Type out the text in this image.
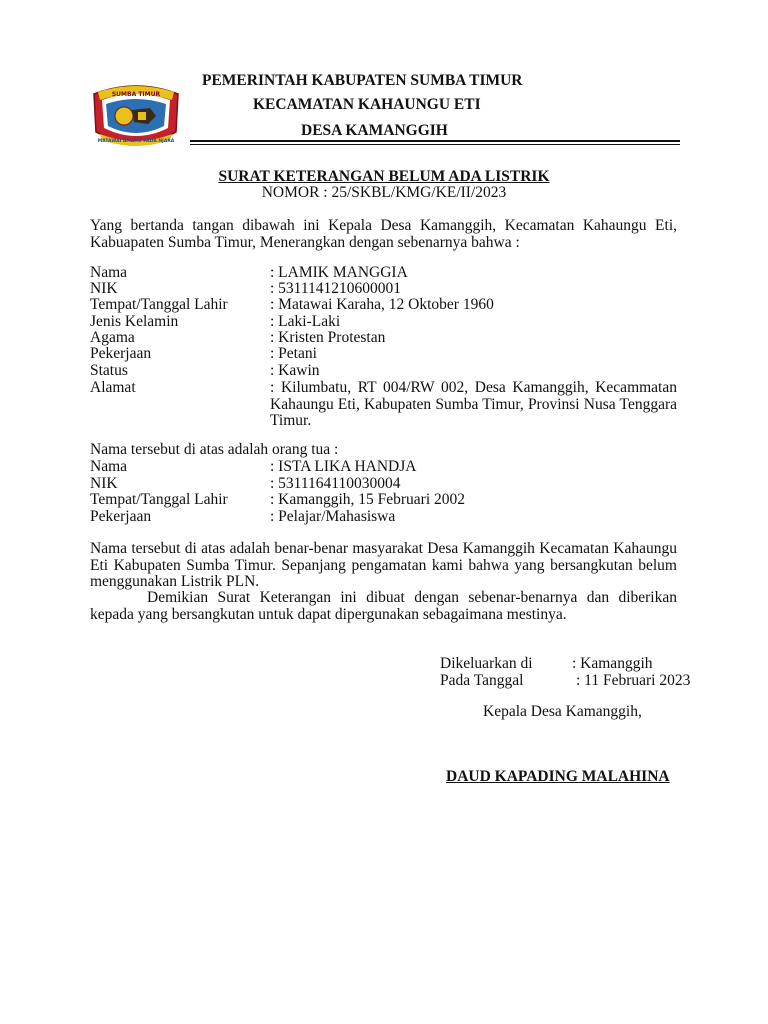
SUMBA TIMUR
MATAWAI AMAHU PADA NJARA
PEMERINTAH KABUPATEN SUMBA TIMUR
KECAMATAN KAHAUNGU ETI
DESA KAMANGGIH
SURAT KETERANGAN BELUM ADA LISTRIK
NOMOR : 25/SKBL/KMG/KE/II/2023
Yang bertanda tangan dibawah ini Kepala Desa Kamanggih, Kecamatan Kahaungu Eti, Kabuapaten Sumba Timur, Menerangkan dengan sebenarnya bahwa :
Nama	: LAMIK MANGGIA
NIK	: 5311141210600001
Tempat/Tanggal Lahir	: Matawai Karaha, 12 Oktober 1960
Jenis Kelamin	: Laki-Laki
Agama	: Kristen Protestan
Pekerjaan	: Petani
Status	: Kawin
Alamat	: Kilumbatu, RT 004/RW 002, Desa Kamanggih, Kecammatan Kahaungu Eti, Kabupaten Sumba Timur, Provinsi Nusa Tenggara Timur.
Nama tersebut di atas adalah orang tua :
Nama	: ISTA LIKA HANDJA
NIK	: 5311164110030004
Tempat/Tanggal Lahir	: Kamanggih, 15 Februari 2002
Pekerjaan	: Pelajar/Mahasiswa
Nama tersebut di atas adalah benar-benar masyarakat Desa Kamanggih Kecamatan Kahaungu Eti Kabupaten Sumba Timur. Sepanjang pengamatan kami bahwa yang bersangkutan belum menggunakan Listrik PLN.
Demikian Surat Keterangan ini dibuat dengan sebenar-benarnya dan diberikan kepada yang bersangkutan untuk dapat dipergunakan sebagaimana mestinya.
Dikeluarkan di	: Kamanggih
Pada Tanggal	: 11 Februari 2023
Kepala Desa Kamanggih,
DAUD KAPADING MALAHINA
